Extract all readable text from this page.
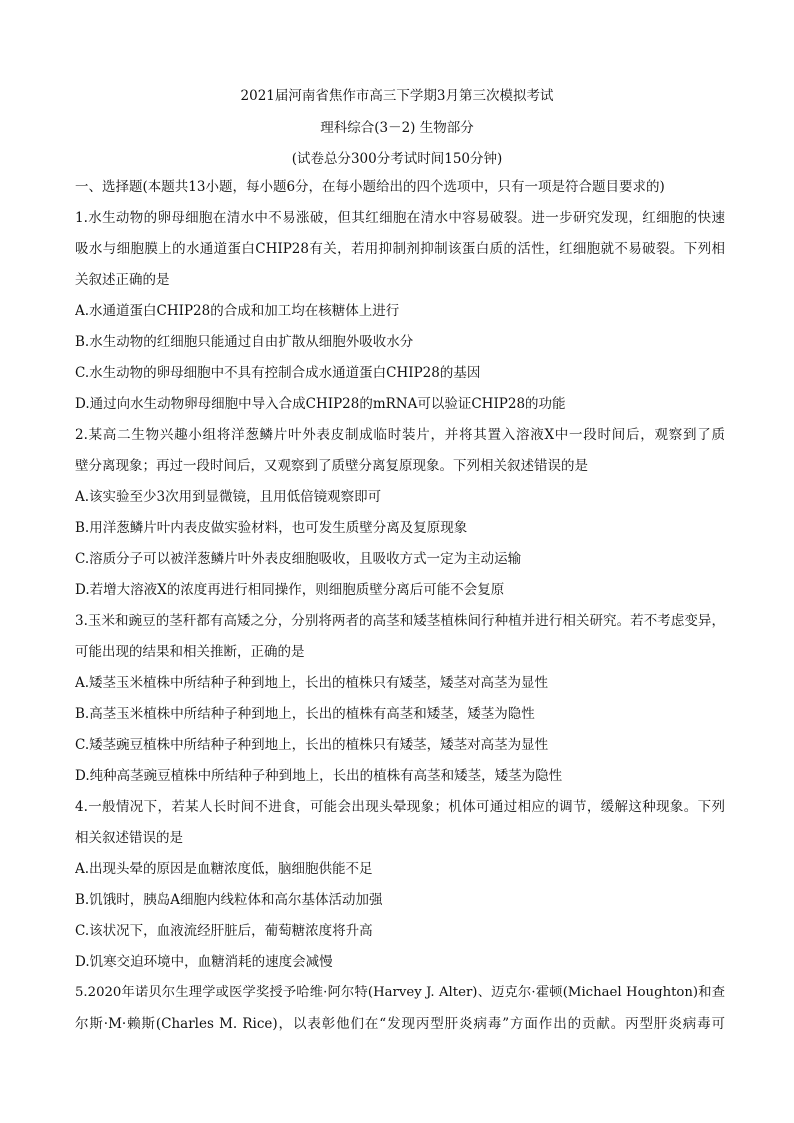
2021届河南省焦作市高三下学期3月第三次模拟考试
理科综合(3－2) 生物部分
(试卷总分300分考试时间150分钟)
一、选择题(本题共13小题，每小题6分，在每小题给出的四个选项中，只有一项是符合题目要求的)
1.水生动物的卵母细胞在清水中不易涨破，但其红细胞在清水中容易破裂。进一步研究发现，红细胞的快速
吸水与细胞膜上的水通道蛋白CHIP28有关，若用抑制剂抑制该蛋白质的活性，红细胞就不易破裂。下列相
关叙述正确的是
A.水通道蛋白CHIP28的合成和加工均在核糖体上进行
B.水生动物的红细胞只能通过自由扩散从细胞外吸收水分
C.水生动物的卵母细胞中不具有控制合成水通道蛋白CHIP28的基因
D.通过向水生动物卵母细胞中导入合成CHIP28的mRNA可以验证CHIP28的功能
2.某高二生物兴趣小组将洋葱鳞片叶外表皮制成临时装片，并将其置入溶液X中一段时间后，观察到了质
壁分离现象；再过一段时间后，又观察到了质壁分离复原现象。下列相关叙述错误的是
A.该实验至少3次用到显微镜，且用低倍镜观察即可
B.用洋葱鳞片叶内表皮做实验材料，也可发生质壁分离及复原现象
C.溶质分子可以被洋葱鳞片叶外表皮细胞吸收，且吸收方式一定为主动运输
D.若增大溶液X的浓度再进行相同操作，则细胞质壁分离后可能不会复原
3.玉米和豌豆的茎秆都有高矮之分，分别将两者的高茎和矮茎植株间行种植并进行相关研究。若不考虑变异，
可能出现的结果和相关推断，正确的是
A.矮茎玉米植株中所结种子种到地上，长出的植株只有矮茎，矮茎对高茎为显性
B.高茎玉米植株中所结种子种到地上，长出的植株有高茎和矮茎，矮茎为隐性
C.矮茎豌豆植株中所结种子种到地上，长出的植株只有矮茎，矮茎对高茎为显性
D.纯种高茎豌豆植株中所结种子种到地上，长出的植株有高茎和矮茎，矮茎为隐性
4.一般情况下，若某人长时间不进食，可能会出现头晕现象；机体可通过相应的调节，缓解这种现象。下列
相关叙述错误的是
A.出现头晕的原因是血糖浓度低，脑细胞供能不足
B.饥饿时，胰岛A细胞内线粒体和高尔基体活动加强
C.该状况下，血液流经肝脏后，葡萄糖浓度将升高
D.饥寒交迫环境中，血糖消耗的速度会减慢
5.2020年诺贝尔生理学或医学奖授予哈维·阿尔特(Harvey J. Alter)、迈克尔·霍顿(Michael Houghton)和查
尔斯·M·赖斯(Charles M. Rice)，以表彰他们在“发现丙型肝炎病毒”方面作出的贡献。丙型肝炎病毒可
